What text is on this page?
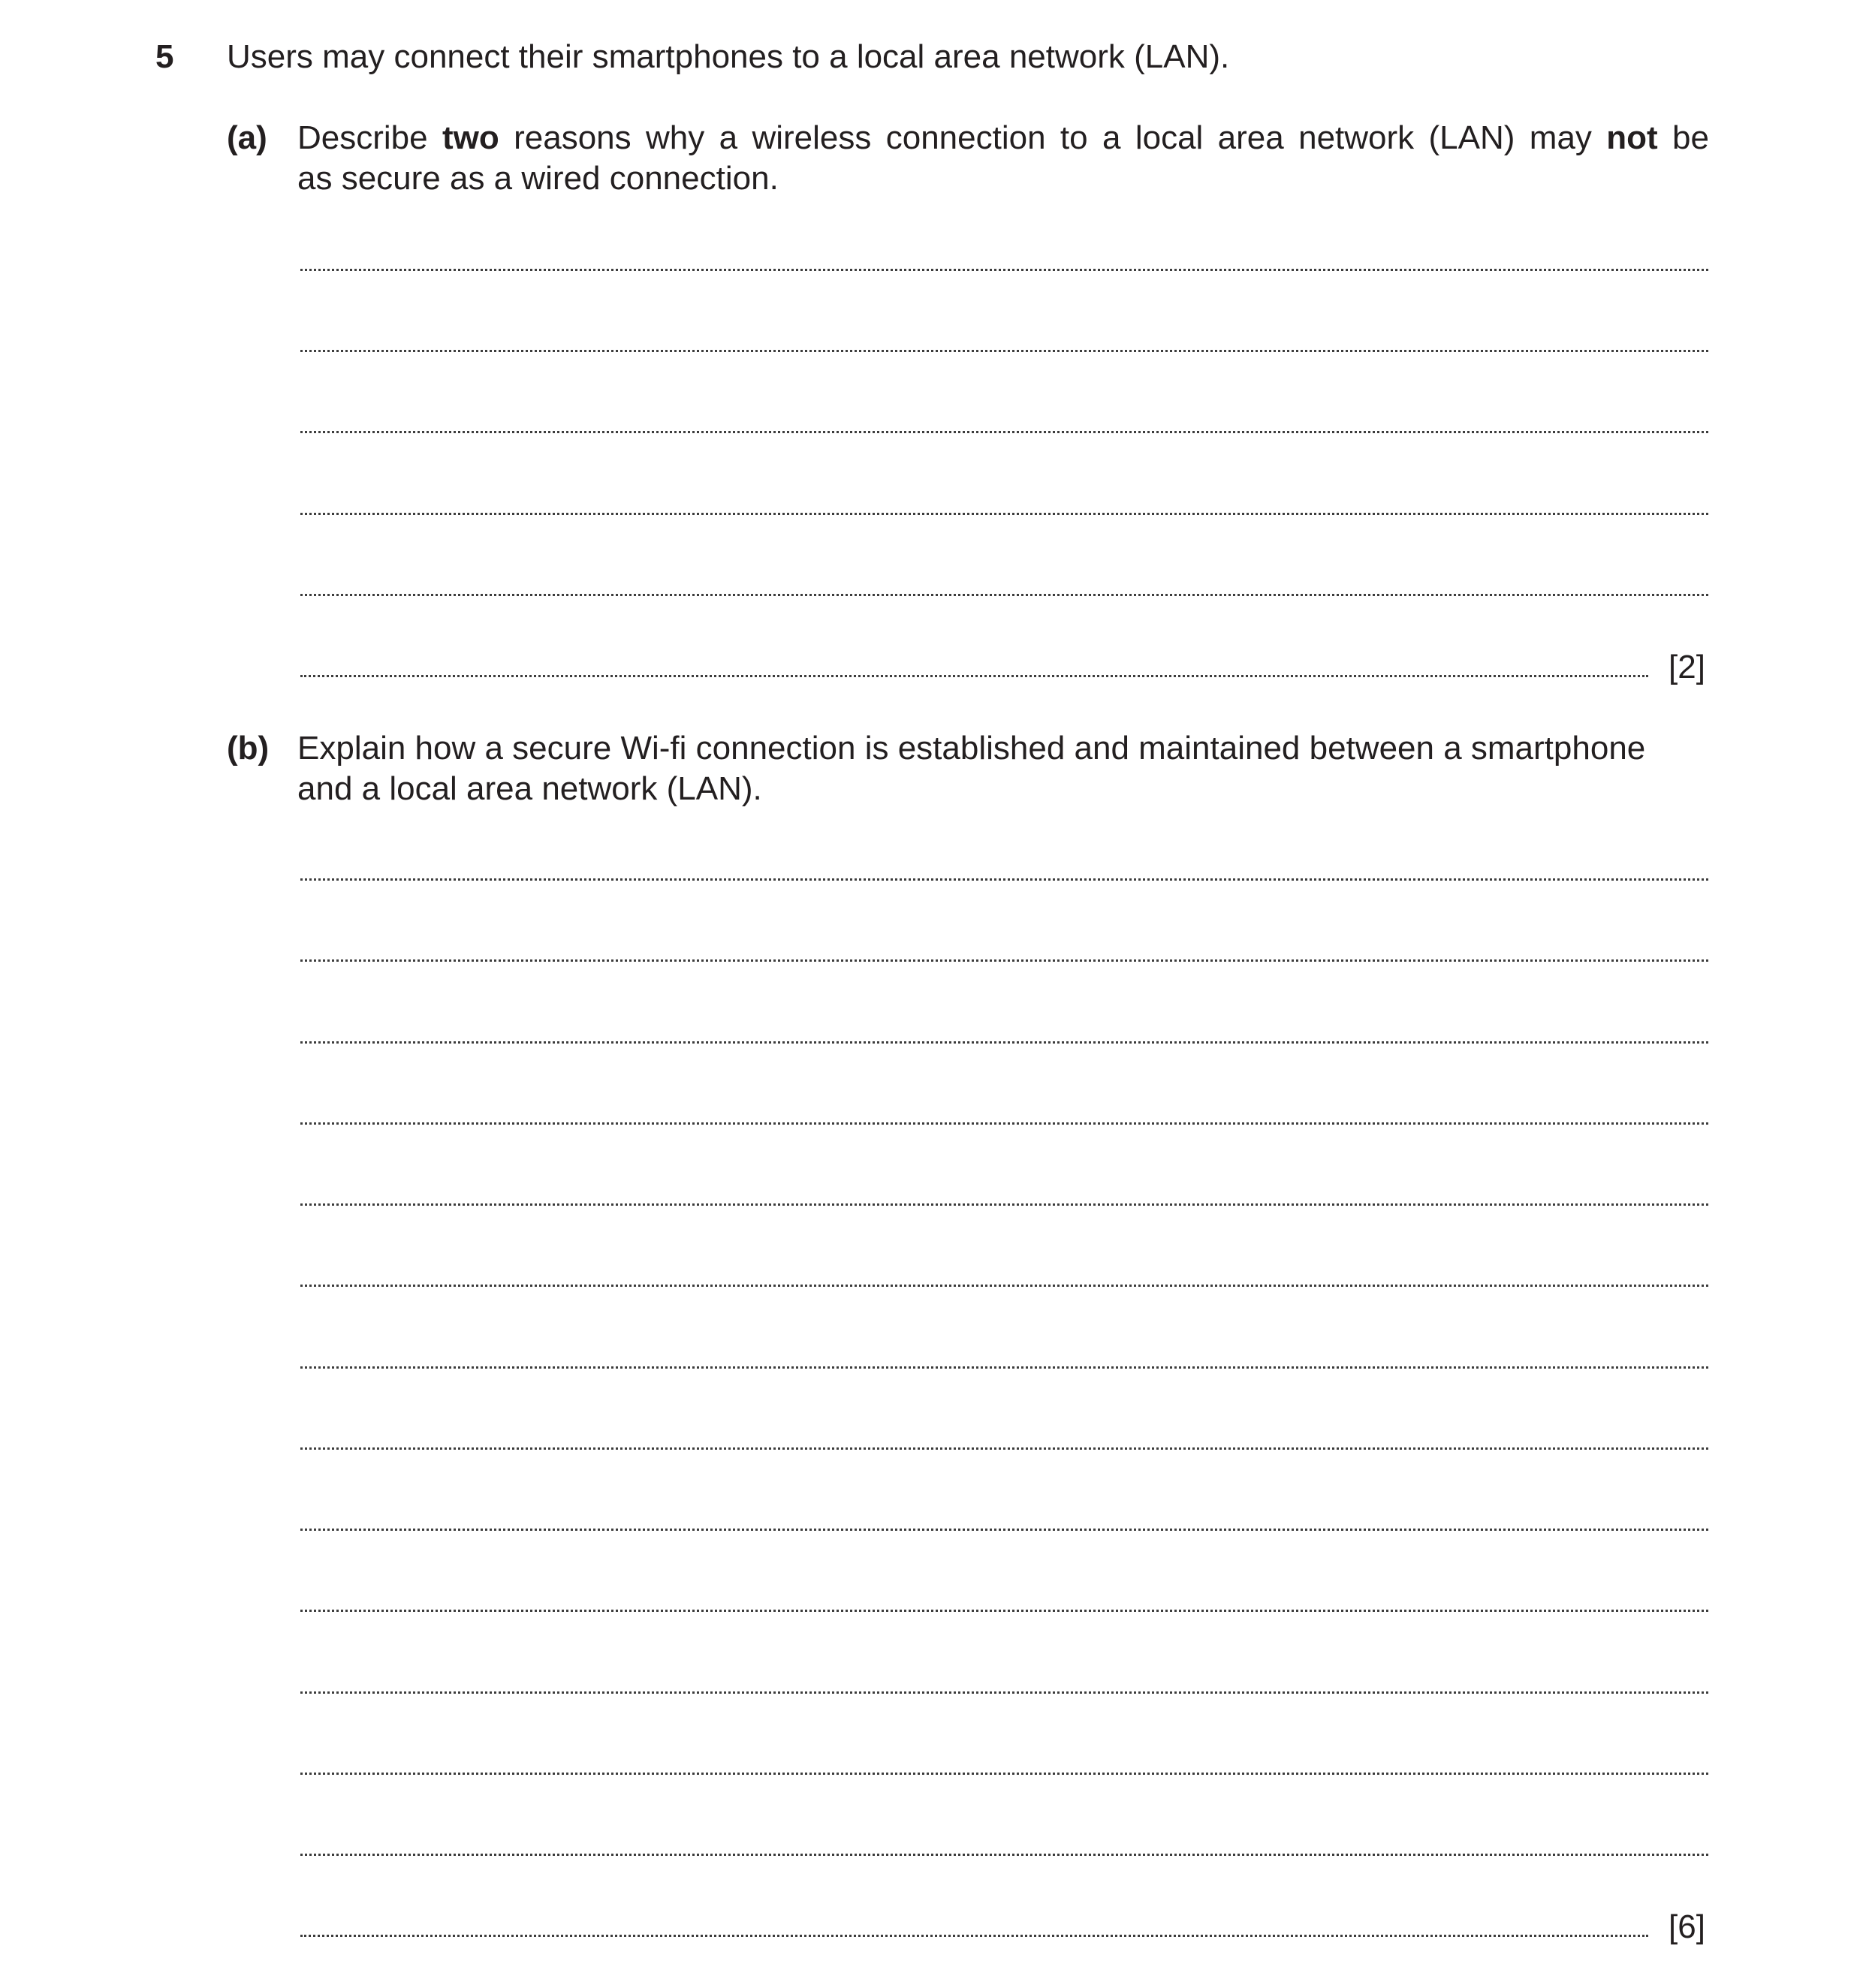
5 Users may connect their smartphones to a local area network (LAN).
(a) Describe two reasons why a wireless connection to a local area network (LAN) may not be
as secure as a wired connection.
[2]
(b) Explain how a secure Wi-fi connection is established and maintained between a smartphone
and a local area network (LAN).
[6]
